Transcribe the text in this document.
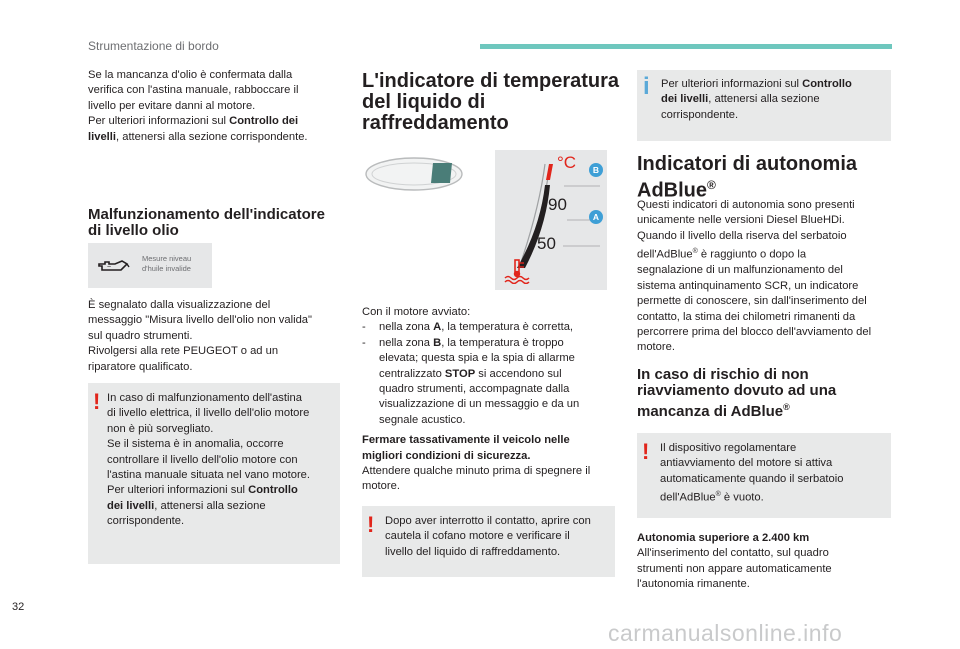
Strumentazione di bordo
Se la mancanza d'olio è confermata dalla
verifica con l'astina manuale, rabboccare il
livello per evitare danni al motore.
Per ulteriori informazioni sul Controllo dei
livelli, attenersi alla sezione corrispondente.
Malfunzionamento dell'indicatore
di livello olio
~
Mesure niveau
d'huile invalide
È segnalato dalla visualizzazione del
messaggio "Misura livello dell'olio non valida"
sul quadro strumenti.
Rivolgersi alla rete PEUGEOT o ad un
riparatore qualificato.
! In caso di malfunzionamento dell'astina
di livello elettrica, il livello dell'olio motore
non è più sorvegliato.
Se il sistema è in anomalia, occorre
controllare il livello dell'olio motore con
l'astina manuale situata nel vano motore.
Per ulteriori informazioni sul Controllo
dei livelli, attenersi alla sezione
corrispondente.
L'indicatore di temperatura
del liquido di raffreddamento
°C
90
50
B
A
Con il motore avviato:
- nella zona A, la temperatura è corretta,
- nella zona B, la temperatura è troppo
elevata; questa spia e la spia di allarme
centralizzato STOP si accendono sul
quadro strumenti, accompagnate dalla
visualizzazione di un messaggio e da un
segnale acustico.
Fermare tassativamente il veicolo nelle
migliori condizioni di sicurezza.
Attendere qualche minuto prima di spegnere il
motore.
! Dopo aver interrotto il contatto, aprire con
cautela il cofano motore e verificare il
livello del liquido di raffreddamento.
i Per ulteriori informazioni sul Controllo
dei livelli, attenersi alla sezione
corrispondente.
Indicatori di autonomia
AdBlue®
Questi indicatori di autonomia sono presenti
unicamente nelle versioni Diesel BlueHDi.
Quando il livello della riserva del serbatoio
dell'AdBlue® è raggiunto o dopo la
segnalazione di un malfunzionamento del
sistema antinquinamento SCR, un indicatore
permette di conoscere, sin dall'inserimento del
contatto, la stima dei chilometri rimanenti da
percorrere prima del blocco dell'avviamento del
motore.
In caso di rischio di non
riavviamento dovuto ad una
mancanza di AdBlue®
! Il dispositivo regolamentare
antiavviamento del motore si attiva
automaticamente quando il serbatoio
dell'AdBlue® è vuoto.
Autonomia superiore a 2.400 km
All'inserimento del contatto, sul quadro
strumenti non appare automaticamente
l'autonomia rimanente.
32
carmanualsonline.info
